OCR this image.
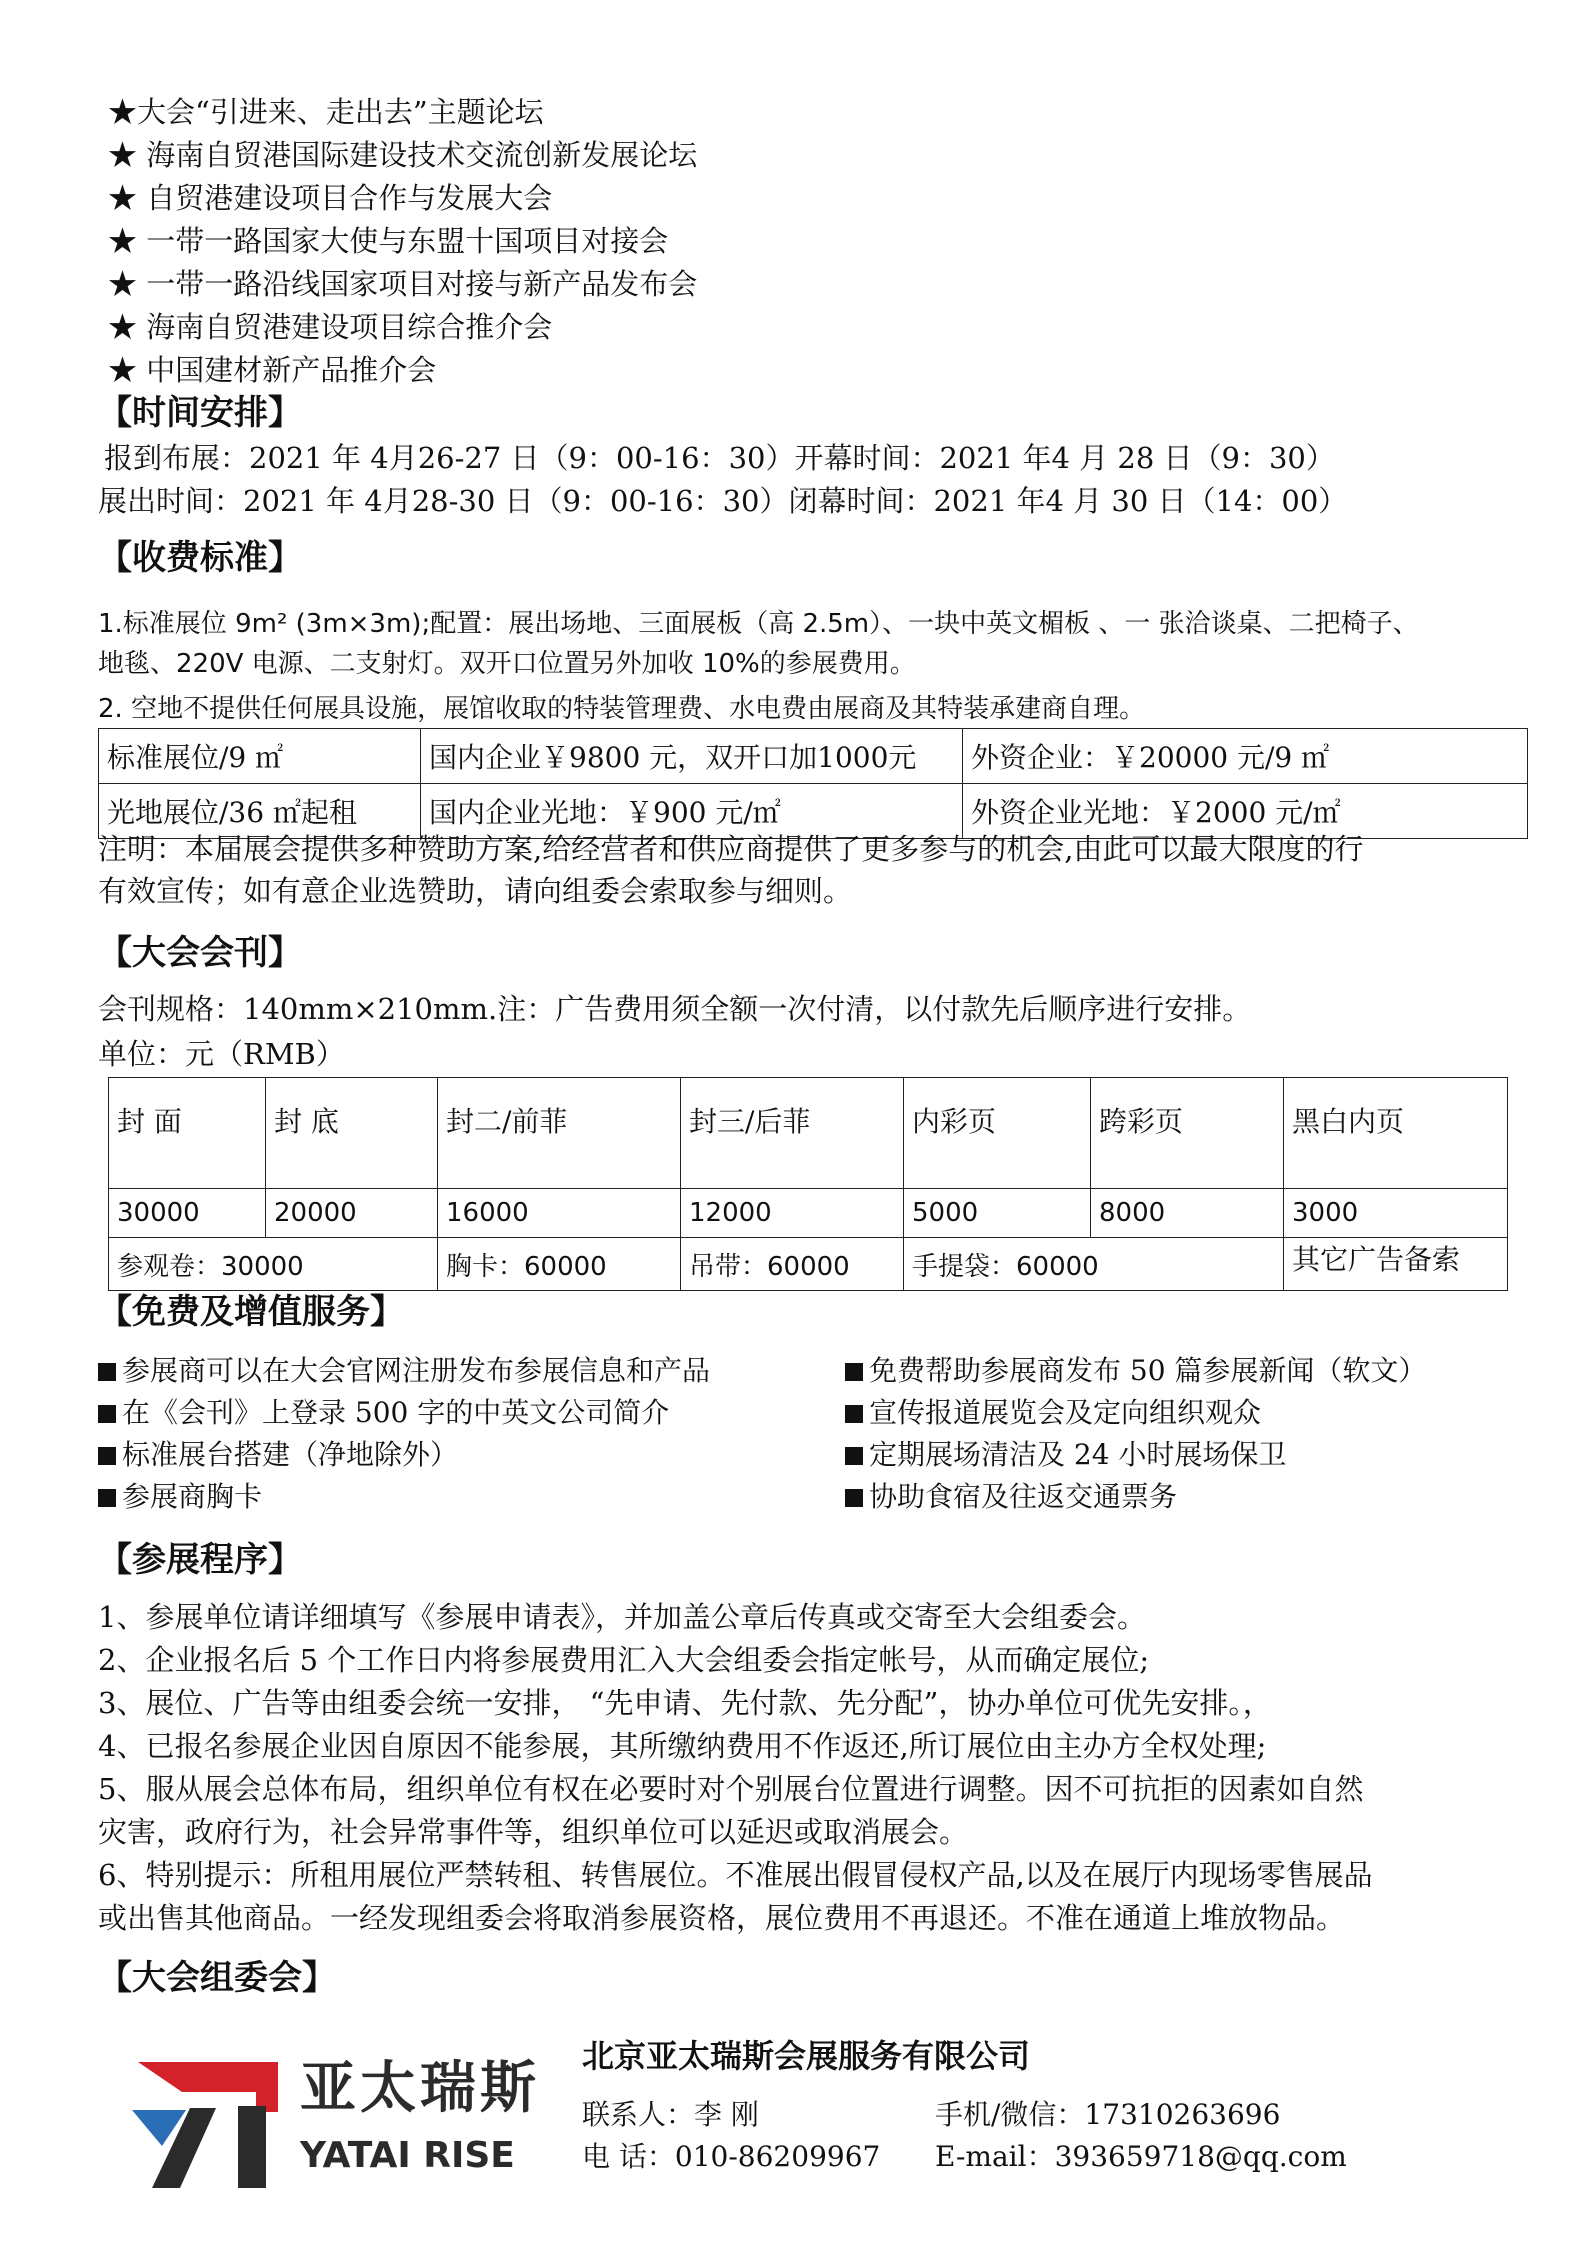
★大会“引进来、走出去”主题论坛
★ 海南自贸港国际建设技术交流创新发展论坛
★ 自贸港建设项目合作与发展大会
★ 一带一路国家大使与东盟十国项目对接会
★ 一带一路沿线国家项目对接与新产品发布会
★ 海南自贸港建设项目综合推介会
★ 中国建材新产品推介会
【时间安排】
报到布展：2021 年 4月26-27 日（9：00-16：30）开幕时间：2021 年4 月 28 日（9：30）
展出时间：2021 年 4月28-30 日（9：00-16：30）闭幕时间：2021 年4 月 30 日（14：00）
【收费标准】
1.标准展位 9m² (3m×3m);配置：展出场地、三面展板（高 2.5m）、一块中英文楣板 、一 张洽谈桌、二把椅子、
地毯、220V 电源、二支射灯。双开口位置另外加收 10%的参展费用。
2. 空地不提供任何展具设施，展馆收取的特装管理费、水电费由展商及其特装承建商自理。
标准展位/9 ㎡	国内企业￥9800 元，双开口加1000元	外资企业：￥20000 元/9 ㎡
光地展位/36 ㎡起租	国内企业光地：￥900 元/㎡	外资企业光地：￥2000 元/㎡
注明：本届展会提供多种赞助方案,给经营者和供应商提供了更多参与的机会,由此可以最大限度的行
有效宣传；如有意企业选赞助，请向组委会索取参与细则。
【大会会刊】
会刊规格：140mm×210mm.注：广告费用须全额一次付清，以付款先后顺序进行安排。
单位：元（RMB）
封 面	封 底	封二/前菲	封三/后菲	内彩页	跨彩页	黑白内页
30000	20000	16000	12000	5000	8000	3000
参观卷：30000		胸卡：60000	吊带：60000	手提袋：60000		其它广告备索
【免费及增值服务】
参展商可以在大会官网注册发布参展信息和产品
在《会刊》上登录 500 字的中英文公司简介
标准展台搭建（净地除外）
参展商胸卡
免费帮助参展商发布 50 篇参展新闻（软文）
宣传报道展览会及定向组织观众
定期展场清洁及 24 小时展场保卫
协助食宿及往返交通票务
【参展程序】
1、参展单位请详细填写《参展申请表》，并加盖公章后传真或交寄至大会组委会。
2、企业报名后 5 个工作日内将参展费用汇入大会组委会指定帐号，从而确定展位;
3、展位、广告等由组委会统一安排， “先申请、先付款、先分配”，协办单位可优先安排。，
4、已报名参展企业因自原因不能参展，其所缴纳费用不作返还,所订展位由主办方全权处理;
5、服从展会总体布局，组织单位有权在必要时对个别展台位置进行调整。因不可抗拒的因素如自然
灾害，政府行为，社会异常事件等，组织单位可以延迟或取消展会。
6、特别提示：所租用展位严禁转租、转售展位。不准展出假冒侵权产品,以及在展厅内现场零售展品
或出售其他商品。一经发现组委会将取消参展资格，展位费用不再退还。不准在通道上堆放物品。
【大会组委会】
亚太瑞斯
YATAI RISE
北京亚太瑞斯会展服务有限公司
联系人：李 刚
电 话：010-86209967
手机/微信：17310263696
E-mail：393659718@qq.com
